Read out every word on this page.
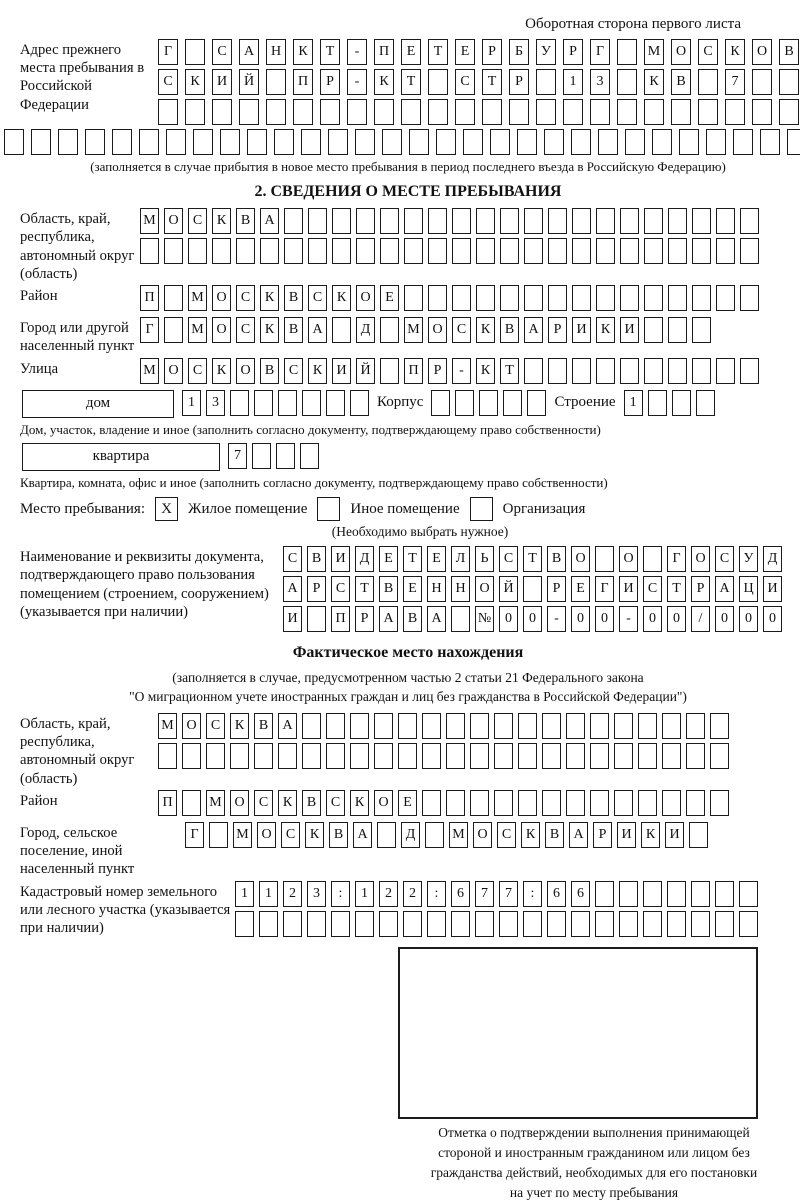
Оборотная сторона первого листа
Адрес прежнего места пребывания в Российской Федерации
Г	С	А	Н	К	Т	-	П	Е	Т	Е	Р	Б	У	Р	Г	М	О	С	К	О	В
С	К	И	Й	П	Р	-	К	Т	С	Т	Р	1	3	К	В	7
(заполняется в случае прибытия в новое место пребывания в период последнего въезда в Российскую Федерацию)
2. СВЕДЕНИЯ О МЕСТЕ ПРЕБЫВАНИЯ
Область, край, республика, автономный округ (область)
М О	С	К	В	А
Район	П	М О	С	К	В	С	К	О	Е
Город или другой населенный пункт
Г	М О	С	К	В	А	Д	М О	С	К	В	А	Р	И	К	И
Улица	М О	С	К	О	В	С	К	И Й	П	Р	-	К	Т
дом	1	3	Корпус	Строение	1
Дом, участок, владение и иное (заполнить согласно документу, подтверждающему право собственности)
квартира	7
Квартира, комната, офис и иное (заполнить согласно документу, подтверждающему право собственности)
Место пребывания:	X	Жилое помещение	Иное помещение	Организация
(Необходимо выбрать нужное)
Наименование и реквизиты документа, подтверждающего право пользования помещением (строением, сооружением) (указывается при наличии)
С	В	И	Д	Е	Т	Е	Л	Ь	С	Т	В	О	О	Г	О	С	У	Д
А	Р	С	Т	В	Е	Н Н О Й	Р	Е	Г	И	С	Т	Р	А Ц И
И	П	Р	А	В	А	№ 0	0	-	0	0	-	0	0	/	0	0	0
Фактическое место нахождения
(заполняется в случае, предусмотренном частью 2 статьи 21 Федерального закона
"О миграционном учете иностранных граждан и лиц без гражданства в Российской Федерации")
Область, край, республика, автономный округ (область)
М О	С	К	В	А
Район	П	М О	С	К	В	С	К	О	Е
Город, сельское поселение, иной населенный пункт
Г	М О	С	К	В	А	Д	М О	С	К	В	А	Р	И	К	И
Кадастровый номер земельного или лесного участка (указывается при наличии)
1	1	2	3	:	1	2	2	:	6	7	7	:	6	6
Отметка о подтверждении выполнения принимающей
стороной и иностранным гражданином или лицом без
гражданства действий, необходимых для его постановки
на учет по месту пребывания
